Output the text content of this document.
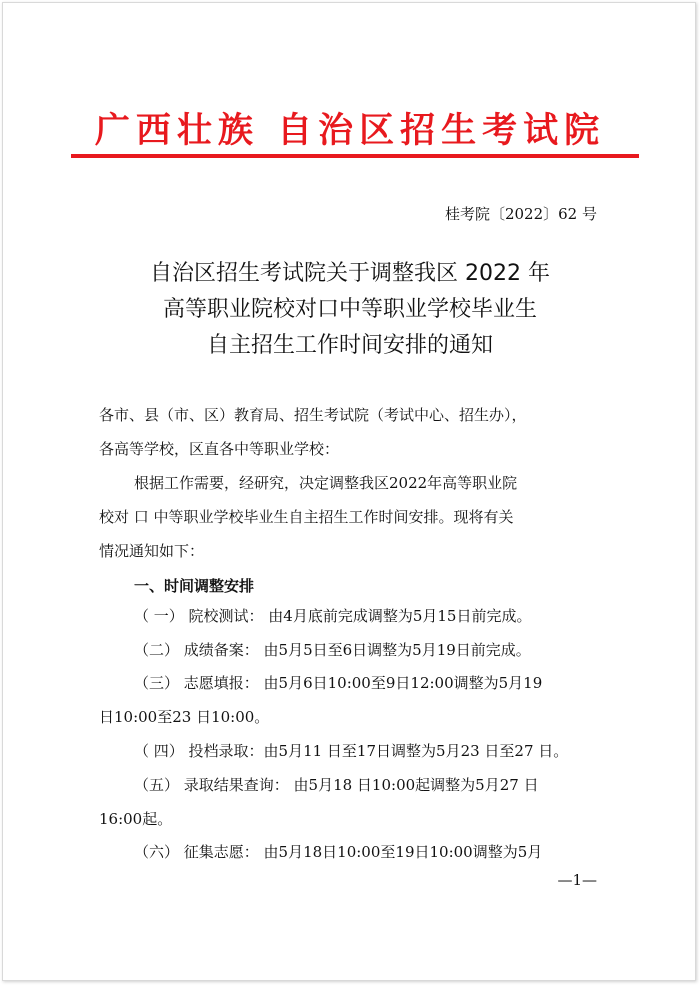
广西壮族 自治区招生考试院
桂考院〔2022〕62 号
自治区招生考试院关于调整我区 2022 年
高等职业院校对口中等职业学校毕业生
自主招生工作时间安排的通知
各市、县（市、区）教育局、招生考试院（考试中心、招生办），
各高等学校，区直各中等职业学校：
根据工作需要，经研究，决定调整我区2022年高等职业院
校对 口 中等职业学校毕业生自主招生工作时间安排。现将有关
情况通知如下：
一、时间调整安排
（ 一） 院校测试： 由4月底前完成调整为5月15日前完成。
（二） 成绩备案： 由5月5日至6日调整为5月19日前完成。
（三） 志愿填报： 由5月6日10:00至9日12:00调整为5月19
日10:00至23 日10:00。
（ 四） 投档录取：由5月11 日至17日调整为5月23 日至27 日。
（五） 录取结果查询： 由5月18 日10:00起调整为5月27 日
16:00起。
（六） 征集志愿： 由5月18日10:00至19日10:00调整为5月
—1—
